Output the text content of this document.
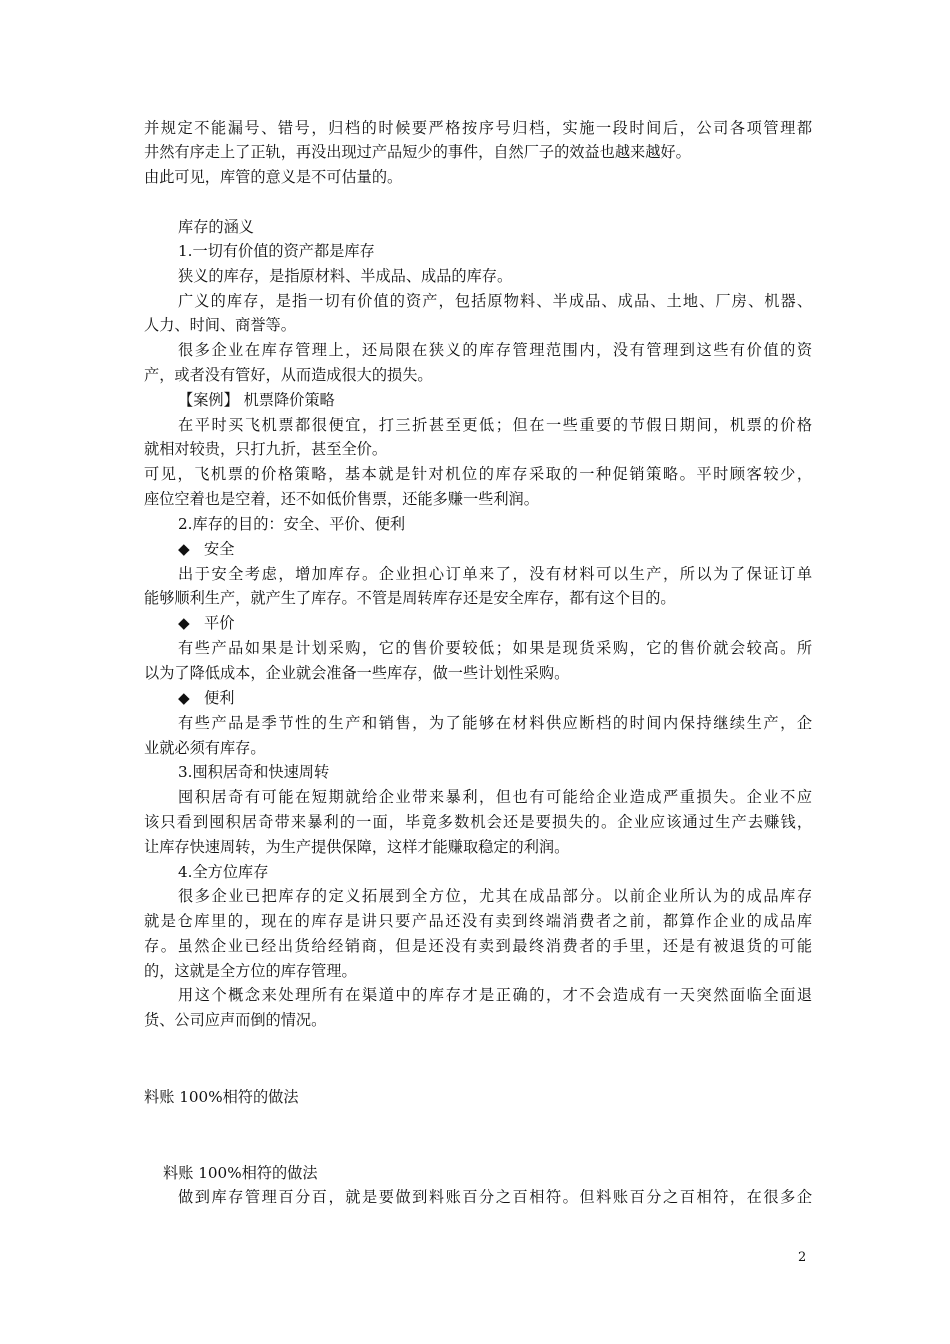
并规定不能漏号、错号，归档的时候要严格按序号归档，实施一段时间后，公司各项管理都
井然有序走上了正轨，再没出现过产品短少的事件，自然厂子的效益也越来越好。
由此可见，库管的意义是不可估量的。
库存的涵义
1.一切有价值的资产都是库存
狭义的库存，是指原材料、半成品、成品的库存。
广义的库存，是指一切有价值的资产，包括原物料、半成品、成品、土地、厂房、机器、
人力、时间、商誉等。
很多企业在库存管理上，还局限在狭义的库存管理范围内，没有管理到这些有价值的资
产，或者没有管好，从而造成很大的损失。
【案例】 机票降价策略
在平时买飞机票都很便宜，打三折甚至更低；但在一些重要的节假日期间，机票的价格
就相对较贵，只打九折，甚至全价。
可见，飞机票的价格策略，基本就是针对机位的库存采取的一种促销策略。平时顾客较少，
座位空着也是空着，还不如低价售票，还能多赚一些利润。
2.库存的目的：安全、平价、便利
◆ 安全
出于安全考虑，增加库存。企业担心订单来了，没有材料可以生产，所以为了保证订单
能够顺利生产，就产生了库存。不管是周转库存还是安全库存，都有这个目的。
◆ 平价
有些产品如果是计划采购，它的售价要较低；如果是现货采购，它的售价就会较高。所
以为了降低成本，企业就会准备一些库存，做一些计划性采购。
◆ 便利
有些产品是季节性的生产和销售，为了能够在材料供应断档的时间内保持继续生产，企
业就必须有库存。
3.囤积居奇和快速周转
囤积居奇有可能在短期就给企业带来暴利，但也有可能给企业造成严重损失。企业不应
该只看到囤积居奇带来暴利的一面，毕竟多数机会还是要损失的。企业应该通过生产去赚钱，
让库存快速周转，为生产提供保障，这样才能赚取稳定的利润。
4.全方位库存
很多企业已把库存的定义拓展到全方位，尤其在成品部分。以前企业所认为的成品库存
就是仓库里的，现在的库存是讲只要产品还没有卖到终端消费者之前，都算作企业的成品库
存。虽然企业已经出货给经销商，但是还没有卖到最终消费者的手里，还是有被退货的可能
的，这就是全方位的库存管理。
用这个概念来处理所有在渠道中的库存才是正确的，才不会造成有一天突然面临全面退
货、公司应声而倒的情况。
料账 100%相符的做法
料账 100%相符的做法
做到库存管理百分百，就是要做到料账百分之百相符。但料账百分之百相符，在很多企
2
